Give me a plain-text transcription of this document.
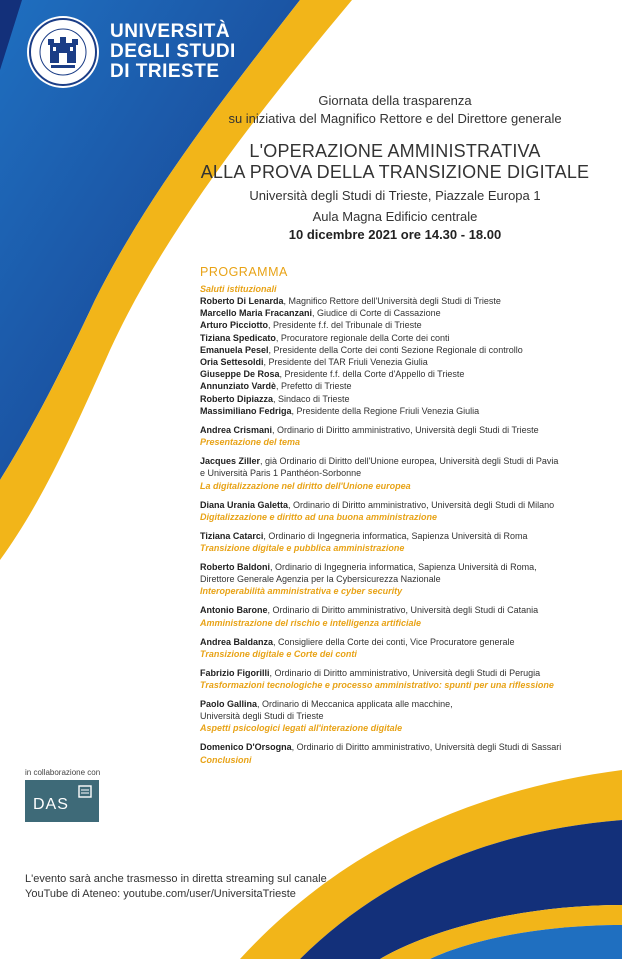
UNIVERSITÀ
DEGLI STUDI
DI TRIESTE
Giornata della trasparenza
su iniziativa del Magnifico Rettore e del Direttore generale
L'OPERAZIONE AMMINISTRATIVA
ALLA PROVA DELLA TRANSIZIONE DIGITALE
Università degli Studi di Trieste, Piazzale Europa 1
Aula Magna Edificio centrale
10 dicembre 2021 ore 14.30 - 18.00
PROGRAMMA
Saluti istituzionali
Roberto Di Lenarda, Magnifico Rettore dell'Università degli Studi di Trieste
Marcello Maria Fracanzani, Giudice di Corte di Cassazione
Arturo Picciotto, Presidente f.f. del Tribunale di Trieste
Tiziana Spedicato, Procuratore regionale della Corte dei conti
Emanuela Pesel, Presidente della Corte dei conti Sezione Regionale di controllo
Oria Settesoldi, Presidente del TAR Friuli Venezia Giulia
Giuseppe De Rosa, Presidente f.f. della Corte d'Appello di Trieste
Annunziato Vardè, Prefetto di Trieste
Roberto Dipiazza, Sindaco di Trieste
Massimiliano Fedriga, Presidente della Regione Friuli Venezia Giulia
Andrea Crismani, Ordinario di Diritto amministrativo, Università degli Studi di Trieste
Presentazione del tema
Jacques Ziller, già Ordinario di Diritto dell'Unione europea, Università degli Studi di Pavia
e Università Paris 1 Panthéon-Sorbonne
La digitalizzazione nel diritto dell'Unione europea
Diana Urania Galetta, Ordinario di Diritto amministrativo, Università degli Studi di Milano
Digitalizzazione e diritto ad una buona amministrazione
Tiziana Catarci, Ordinario di Ingegneria informatica, Sapienza Università di Roma
Transizione digitale e pubblica amministrazione
Roberto Baldoni, Ordinario di Ingegneria informatica, Sapienza Università di Roma,
Direttore Generale Agenzia per la Cybersicurezza Nazionale
Interoperabilità amministrativa e cyber security
Antonio Barone, Ordinario di Diritto amministrativo, Università degli Studi di Catania
Amministrazione del rischio e intelligenza artificiale
Andrea Baldanza, Consigliere della Corte dei conti, Vice Procuratore generale
Transizione digitale e Corte dei conti
Fabrizio Figorilli, Ordinario di Diritto amministrativo, Università degli Studi di Perugia
Trasformazioni tecnologiche e processo amministrativo: spunti per una riflessione
Paolo Gallina, Ordinario di Meccanica applicata alle macchine,
Università degli Studi di Trieste
Aspetti psicologici legati all'interazione digitale
Domenico D'Orsogna, Ordinario di Diritto amministrativo, Università degli Studi di Sassari
Conclusioni
in collaborazione con
DAS
L'evento sarà anche trasmesso in diretta streaming sul canale
YouTube di Ateneo: youtube.com/user/UniversitaTrieste
